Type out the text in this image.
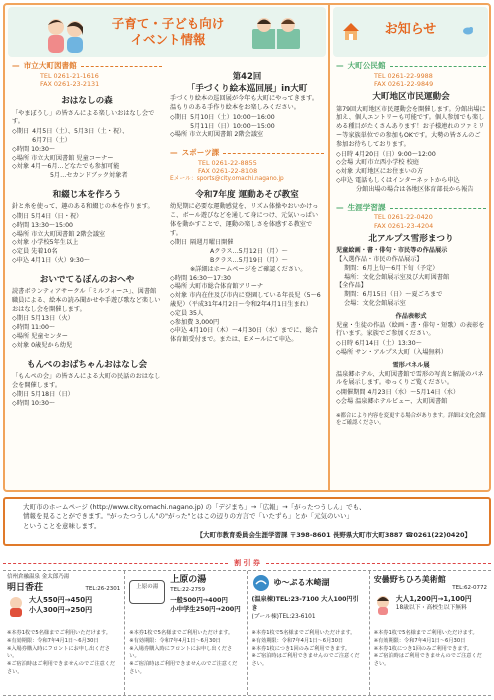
子育て・子ども向け
イベント情報
— 市立大町図書館
TEL 0261-21-1616
FAX 0261-23-2131
おはなしの森
「やまぼうし」の皆さんによる楽しいおはなし会です。
◇期日 4月5日（土）、5月3日（土・祝）、
6月7日（土）
◇時間 10:30～
◇場所 市立大町図書館 児童コーナー
◇対象 4月～6月…どなたでも参加可能
5月…セカンドブック対象者
和綴じ本を作ろう
針と糸を使って、趣のある和綴じの本を作ります。
◇期日 5月4日（日・祝）
◇時間 13:30～15:00
◇場所 市立大町図書館 2階会議室
◇対象 小学校5年生以上
◇定員 先着10名
◇申込 4月1日（火）9:30～
おいでてるぼんのおへや
読書ボランティアサークル「ミルフィーユ」、図書館職員による、絵本の読み聞かせや手遊び歌など楽しいおはなし会を開催します。
◇期日 5月13日（火）
◇時間 11:00～
◇場所 児童センター
◇対象 0歳児から幼児
もんぺのおばちゃんおはなし会
「もんぺの会」の皆さんによる大町の民話のおはなし会を開催します。
◇期日 5月18日（日）
◇時間 10:30～
第42回
「手づくり絵本巡回展」in大町
手づくり絵本の巡回展が今年も大町にやってきます。温もりのある手作り絵本をお楽しみください。
◇期日 5月10日（土）10:00～16:00
5月11日（日）10:00～15:00
◇場所 市立大町図書館 2階会議室
— スポーツ課
TEL 0261-22-8855
FAX 0261-22-8108
Eメール：sports@city.omachi.nagano.jp
令和7年度 運動あそび教室
幼児期に必要な運動感覚を、リズム体操やおいかけっこ、ボール遊びなどを通して身につけ、元気いっぱい体を動かすことで、運動の楽しさを体感する教室です。
◇期日 隔週月曜日開催
Aクラス…5月12日（月）～
Bクラス…5月19日（月）～
※詳細はホームページをご確認ください。
◇時間 16:30～17:30
◇場所 大町市総合体育館アリーナ
◇対象 市内在住及び市内に登園している年長児（5～6歳児）（平成31年4月2日～令和2年4月1日生まれ）
◇定員 35人
◇参加費 3,000円
◇申込 4月10日（木）～4月30日（水）までに、総合体育館受付まで。または、Eメールにて申込。
お知らせ
— 大町公民館
TEL 0261-22-9988
FAX 0261-22-9849
大町地区市民運動会
第79回大町地区市民運動会を開催します。分館出場に加え、個人エントリーも可能です。個人参加でも楽しめる種目がたくさんあります！お子様連れのファミリー等家族単位での参加もOKです。大勢の皆さんのご参加お待ちしております。
◇日時 4月20日（日）9:00～12:00
◇会場 大町市立西小学校 校庭
◇対象 大町地区にお住まいの方
◇申込 電話もしくはインターネットから申込
分館出場の場合は各地区体育部長から報告
— 生涯学習課
TEL 0261-22-0420
FAX 0261-23-4204
北アルプス雪形まつり
児童絵画・書・俳句・市民等の作品展示
【入選作品・市民の作品展示】
期間：6月上旬～6月下旬（予定）
場所：文化会館展示室及び大町図書館
【全作品】
期間：6月15日（日）～夏ごろまで
会場：文化会館展示室
作品表彰式
児童・生徒の作品（絵画・書・俳句・短歌）の表彰を行います。家族でご参加ください。
◇日時 6月14日（土）13:30～
◇場所 サン・アルプス大町（入場無料）
雪形パネル展
温泉郷ホテル、大町図書館で雪形の写真と解説のパネルを展示します。ゆっくりご覧ください。
◇開催期間 4月23日（水）～5月14日（水）
◇会場 温泉郷ホテルビュー、大町図書館
※都合により内容を変更する場合があります。詳細は文化会館をご確認ください。
大町市のホームページ (http://www.city.omachi.nagano.jp) の「デジまち」→「広報」→「がったつうしん」でも、
情報を見ることができます。"がったつうしん"の"がった"とはこの辺りの方言で「いたずら」とか「元気のいい」
ということを意味します。
【大町市教育委員会生涯学習課 〒398-8601 長野県大町市大町3887 ☎0261(22)0420】
割 引 券
信州倉融温泉 金太郎乃湯
明日香荘	TEL:26-2301
大人550円→450円
小人300円→250円
※本券1枚で5名様までご利用いただけます。
※有効期限：令和7年4月1日～6月30日
※入場券購入時にフロントにお申し出ください。
※ご宿泊時はご利用できませんのでご注意ください。
上原の湯
上原の湯
TEL:22-2759
一般500円→400円
小中学生250円→200円
※本券1枚で5名様までご利用いただけます。
※有効期限：令和7年4月1日～6月30日
※入場券購入時にフロントにお申し出ください。
※ご宿泊時はご利用できませんのでご注意ください。
ゆ〜ぷる木崎湖
(温泉棟)TEL:23-7100 大人100円引き
(プール棟)TEL:23-6101
※本券1枚で5名様までご利用いただけます。
※有効期限：令和7年4月1日～6月30日
※本券1枚につき1回のみご利用できます。
※ご宿泊時はご利用できませんのでご注意ください。
安曇野ちひろ美術館
TEL:62-0772
大人1,200円→1,100円
18歳以下・高校生以下無料
※本券1枚で5名様までご利用いただけます。
※有効期限：令和7年4月1日～6月30日
※本券1枚につき1回のみご利用できます。
※ご宿泊時はご利用できませんのでご注意ください。
